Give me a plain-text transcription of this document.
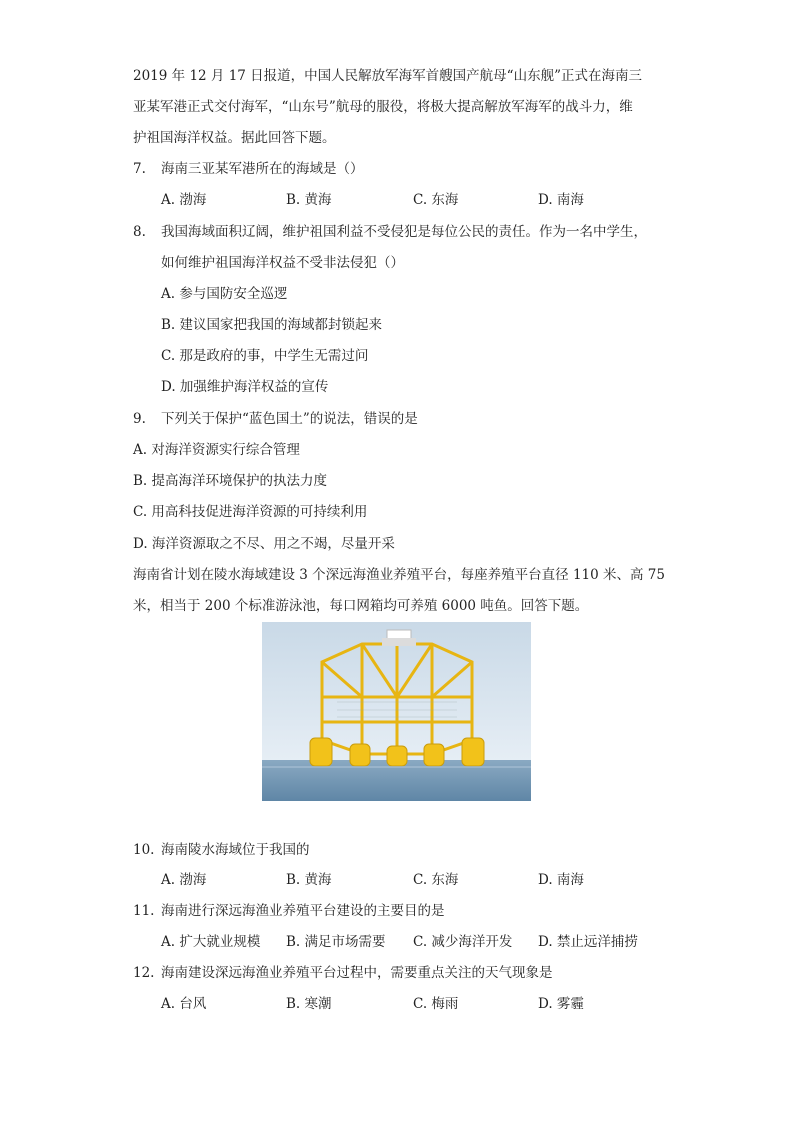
2019 年 12 月 17 日报道，中国人民解放军海军首艘国产航母“山东舰”正式在海南三
亚某军港正式交付海军，“山东号”航母的服役，将极大提高解放军海军的战斗力，维
护祖国海洋权益。据此回答下题。
7. 海南三亚某军港所在的海域是（）
A. 渤海	B. 黄海	C. 东海	D. 南海
8. 我国海域面积辽阔，维护祖国利益不受侵犯是每位公民的责任。作为一名中学生，
如何维护祖国海洋权益不受非法侵犯（）
A. 参与国防安全巡逻
B. 建议国家把我国的海域都封锁起来
C. 那是政府的事，中学生无需过问
D. 加强维护海洋权益的宣传
9. 下列关于保护“蓝色国土”的说法，错误的是
A. 对海洋资源实行综合管理
B. 提高海洋环境保护的执法力度
C. 用高科技促进海洋资源的可持续利用
D. 海洋资源取之不尽、用之不竭，尽量开采
海南省计划在陵水海域建设 3 个深远海渔业养殖平台，每座养殖平台直径 110 米、高 75
米，相当于 200 个标准游泳池，每口网箱均可养殖 6000 吨鱼。回答下题。
10. 海南陵水海域位于我国的
A. 渤海	B. 黄海	C. 东海	D. 南海
11. 海南进行深远海渔业养殖平台建设的主要目的是
A. 扩大就业规模 B. 满足市场需要 C. 减少海洋开发 D. 禁止远洋捕捞
12. 海南建设深远海渔业养殖平台过程中，需要重点关注的天气现象是
A. 台风	B. 寒潮	C. 梅雨	D. 雾霾
